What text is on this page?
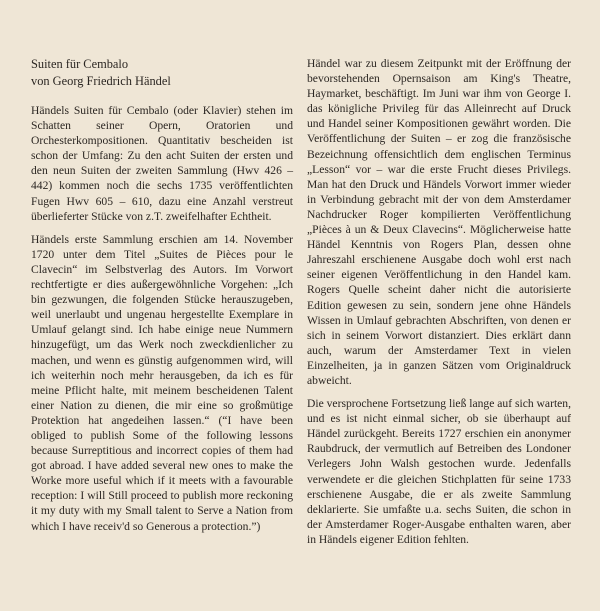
Suiten für Cembalo
von Georg Friedrich Händel

Händels Suiten für Cembalo (oder Klavier) stehen im Schatten seiner Opern, Oratorien und Orchesterkompositionen. Quantitativ bescheiden ist schon der Umfang: Zu den acht Suiten der ersten und den neun Suiten der zweiten Sammlung (Hwv 426 – 442) kommen noch die sechs 1735 veröffentlichten Fugen Hwv 605 – 610, dazu eine Anzahl verstreut überlieferter Stücke von z.T. zweifelhafter Echtheit.

Händels erste Sammlung erschien am 14. November 1720 unter dem Titel „Suites de Pièces pour le Clavecin“ im Selbstverlag des Autors. Im Vorwort rechtfertigte er dies außergewöhnliche Vorgehen: „Ich bin gezwungen, die folgenden Stücke herauszugeben, weil unerlaubt und ungenau hergestellte Exemplare in Umlauf gelangt sind. Ich habe einige neue Nummern hinzugefügt, um das Werk noch zweckdienlicher zu machen, und wenn es günstig aufgenommen wird, will ich weiterhin noch mehr herausgeben, da ich es für meine Pflicht halte, mit meinem bescheidenen Talent einer Nation zu dienen, die mir eine so großmütige Protektion hat angedeihen lassen.“ (“I have been obliged to publish Some of the following lessons because Surreptitious and incorrect copies of them had got abroad. I have added several new ones to make the Worke more useful which if it meets with a favourable reception: I will Still proceed to publish more reckoning it my duty with my Small talent to Serve a Nation from which I have receiv'd so Generous a protection.”)

Händel war zu diesem Zeitpunkt mit der Eröffnung der bevorstehenden Opernsaison am King's Theatre, Haymarket, beschäftigt. Im Juni war ihm von George I. das königliche Privileg für das Alleinrecht auf Druck und Handel seiner Kompositionen gewährt worden. Die Veröffentlichung der Suiten – er zog die französische Bezeichnung offensichtlich dem englischen Terminus „Lesson“ vor – war die erste Frucht dieses Privilegs. Man hat den Druck und Händels Vorwort immer wieder in Verbindung gebracht mit der von dem Amsterdamer Nachdrucker Roger kompilierten Veröffentlichung „Pièces à un & Deux Clavecins“. Möglicherweise hatte Händel Kenntnis von Rogers Plan, dessen ohne Jahreszahl erschienene Ausgabe doch wohl erst nach seiner eigenen Veröffentlichung in den Handel kam. Rogers Quelle scheint daher nicht die autorisierte Edition gewesen zu sein, sondern jene ohne Händels Wissen in Umlauf gebrachten Abschriften, von denen er sich in seinem Vorwort distanziert. Dies erklärt dann auch, warum der Amsterdamer Text in vielen Einzelheiten, ja in ganzen Sätzen vom Originaldruck abweicht.

Die versprochene Fortsetzung ließ lange auf sich warten, und es ist nicht einmal sicher, ob sie überhaupt auf Händel zurückgeht. Bereits 1727 erschien ein anonymer Raubdruck, der vermutlich auf Betreiben des Londoner Verlegers John Walsh gestochen wurde. Jedenfalls verwendete er die gleichen Stichplatten für seine 1733 erschienene Ausgabe, die er als zweite Sammlung deklarierte. Sie umfaßte u.a. sechs Suiten, die schon in der Amsterdamer Roger-Ausgabe enthalten waren, aber in Händels eigener Edition fehlten.
